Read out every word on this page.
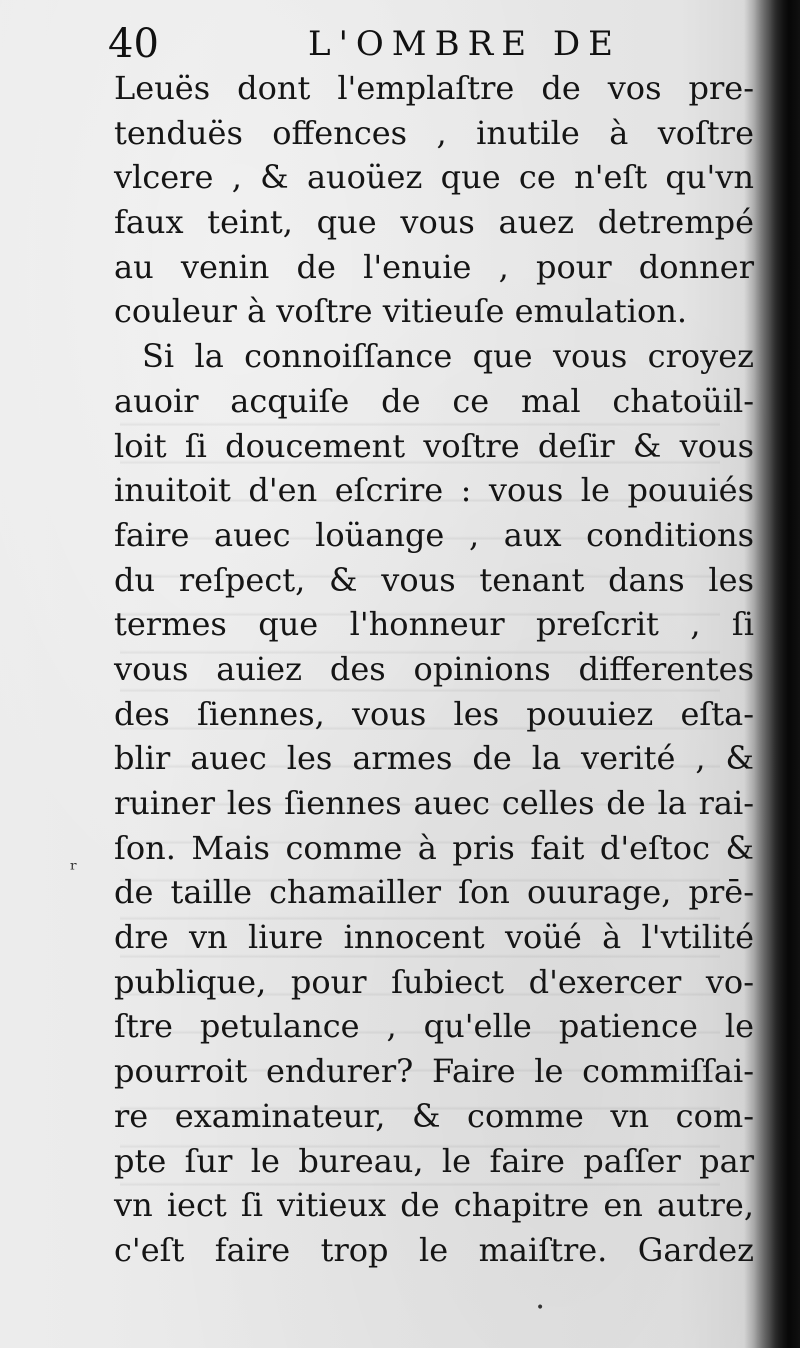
40	L'OMBRE DE
Leuës dont l'emplaſtre de vos pre-
tenduës offences , inutile à voſtre
vlcere , & auoüez que ce n'eſt qu'vn
faux teint, que vous auez detrempé
au venin de l'enuie , pour donner
couleur à voſtre vitieuſe emulation.
Si la connoiſſance que vous croyez
auoir acquiſe de ce mal chatoüil-
loit ſi doucement voſtre deſir & vous
inuitoit d'en eſcrire : vous le pouuiés
faire auec loüange , aux conditions
du reſpect, & vous tenant dans les
termes que l'honneur preſcrit , ſi
vous auiez des opinions differentes
des ſiennes, vous les pouuiez eſta-
blir auec les armes de la verité , &
ruiner les ſiennes auec celles de la rai-
ſon. Mais comme à pris fait d'eſtoc &
de taille chamailler ſon ouurage, prē-
dre vn liure innocent voüé à l'vtilité
publique, pour ſubiect d'exercer vo-
ſtre petulance , qu'elle patience le
pourroit endurer? Faire le commiſſai-
re examinateur, & comme vn com-
pte ſur le bureau, le faire paſſer par
vn iect ſi vitieux de chapitre en autre,
c'eſt faire trop le maiſtre. Gardez
ʳ
•
